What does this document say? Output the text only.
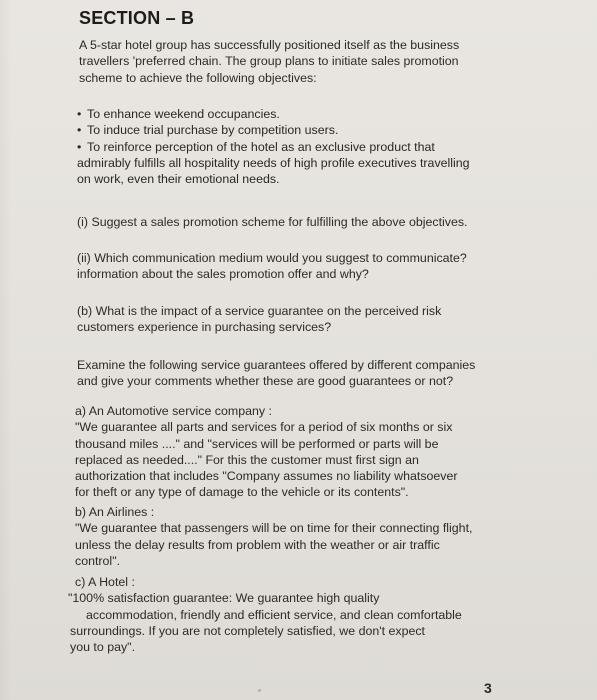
SECTION – B
A 5-star hotel group has successfully positioned itself as the business
travellers 'preferred chain. The group plans to initiate sales promotion
scheme to achieve the following objectives:
• To enhance weekend occupancies.
• To induce trial purchase by competition users.
• To reinforce perception of the hotel as an exclusive product that
admirably fulfills all hospitality needs of high profile executives travelling
on work, even their emotional needs.
(i) Suggest a sales promotion scheme for fulfilling the above objectives.
(ii) Which communication medium would you suggest to communicate?
information about the sales promotion offer and why?
(b) What is the impact of a service guarantee on the perceived risk
customers experience in purchasing services?
Examine the following service guarantees offered by different companies
and give your comments whether these are good guarantees or not?
a) An Automotive service company :
"We guarantee all parts and services for a period of six months or six
thousand miles ...." and "services will be performed or parts will be
replaced as needed...." For this the customer must first sign an
authorization that includes "Company assumes no liability whatsoever
for theft or any type of damage to the vehicle or its contents".
b) An Airlines :
"We guarantee that passengers will be on time for their connecting flight,
unless the delay results from problem with the weather or air traffic
control".
c) A Hotel :
"100% satisfaction guarantee: We guarantee high quality
accommodation, friendly and efficient service, and clean comfortable
surroundings. If you are not completely satisfied, we don't expect
you to pay".
3
